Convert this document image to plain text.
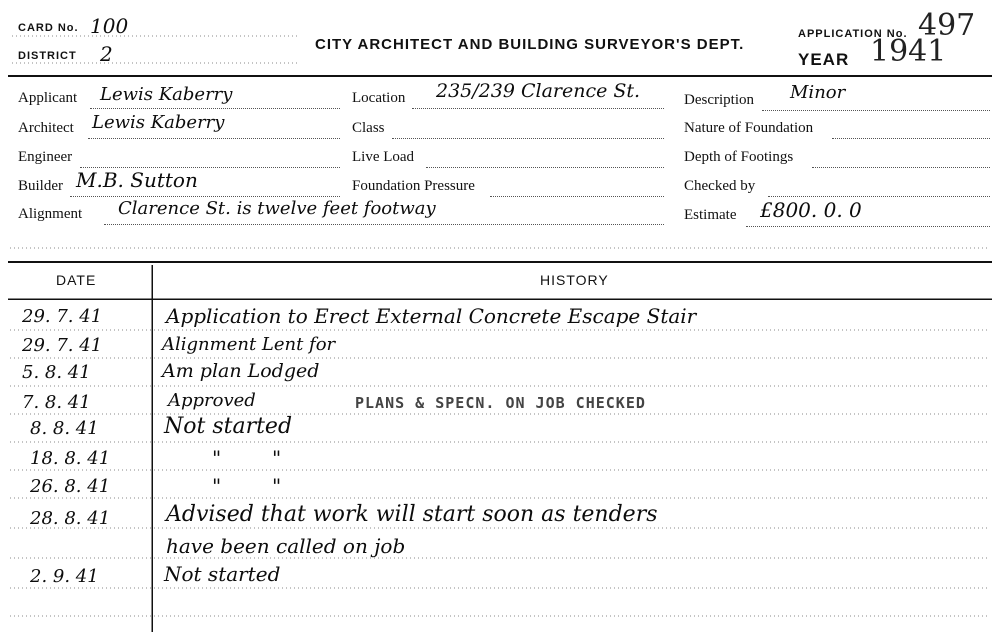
CARD No. 100
DISTRICT 2	CITY ARCHITECT AND BUILDING SURVEYOR'S DEPT.
APPLICATION No. 497
YEAR 1941
Applicant Lewis Kaberry
Architect Lewis Kaberry
Engineer
Builder M.B. Sutton
Alignment Clarence St. is twelve feet footway
Location 235/239 Clarence St.
Class
Live Load
Foundation Pressure
Description Minor
Nature of Foundation
Depth of Footings
Checked by
Estimate £800. 0. 0
DATE	HISTORY
29. 7. 41	Application to Erect External Concrete Escape Stair
29. 7. 41	Alignment Lent for
5. 8. 41	Am plan Lodged
7. 8. 41	Approved	PLANS & SPECN. ON JOB CHECKED
8. 8. 41	Not started
18. 8. 41	"        "
26. 8. 41	"        "
28. 8. 41	Advised that work will start soon as tenders
have been called on job
2. 9. 41	Not started
